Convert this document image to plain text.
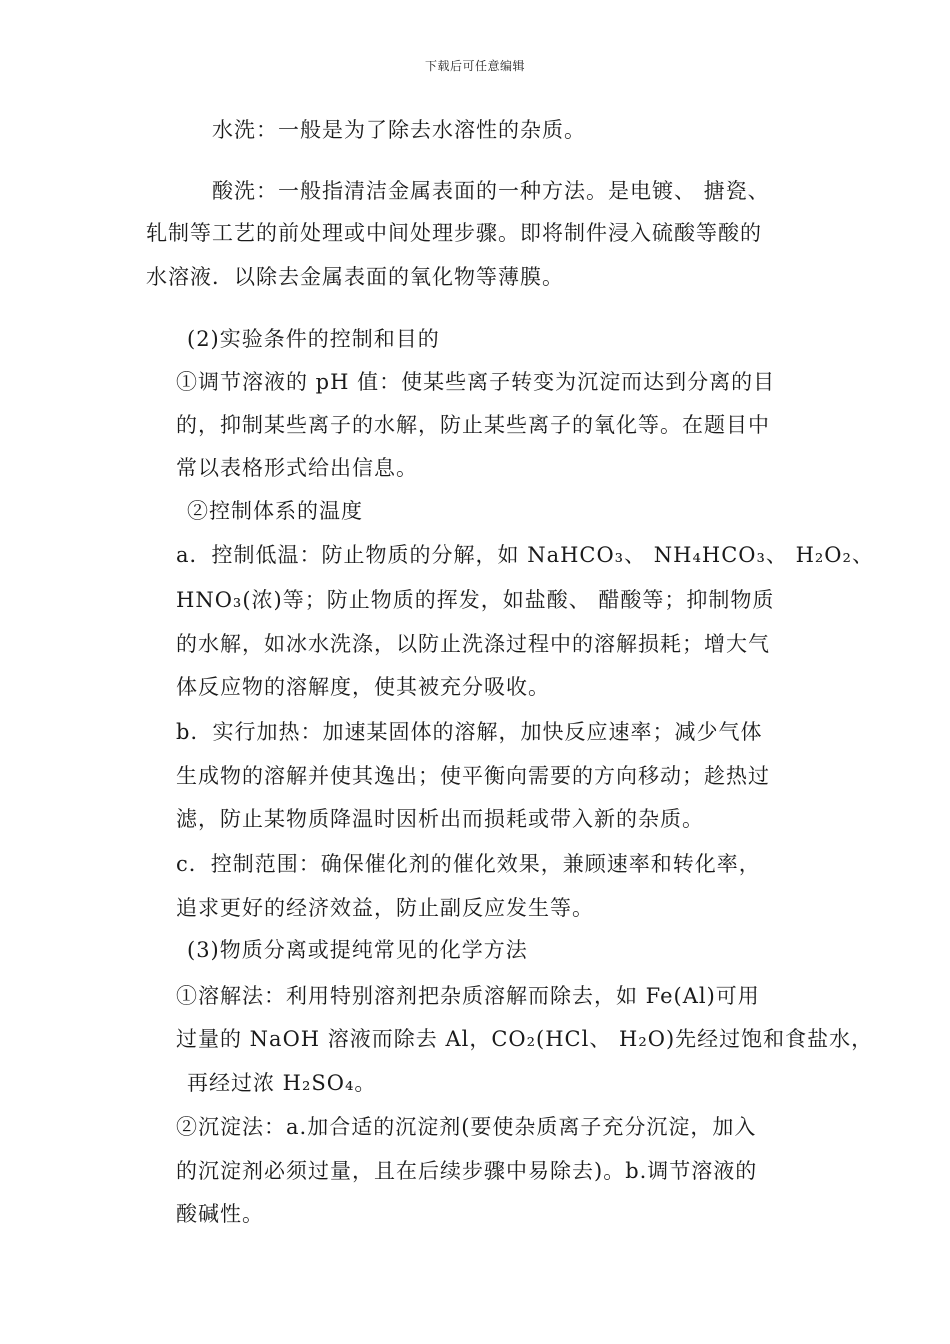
下载后可任意编辑
水洗：一般是为了除去水溶性的杂质。
酸洗：一般指清洁金属表面的一种方法。是电镀、 搪瓷、
轧制等工艺的前处理或中间处理步骤。即将制件浸入硫酸等酸的
水溶液．以除去金属表面的氧化物等薄膜。
(2)实验条件的控制和目的
①调节溶液的 pH 值：使某些离子转变为沉淀而达到分离的目
的，抑制某些离子的水解，防止某些离子的氧化等。在题目中
常以表格形式给出信息。
②控制体系的温度
a．控制低温：防止物质的分解，如 NaHCO₃、 NH₄HCO₃、 H₂O₂、
HNO₃(浓)等；防止物质的挥发，如盐酸、 醋酸等；抑制物质
的水解，如冰水洗涤，以防止洗涤过程中的溶解损耗；增大气
体反应物的溶解度，使其被充分吸收。
b．实行加热：加速某固体的溶解，加快反应速率；减少气体
生成物的溶解并使其逸出；使平衡向需要的方向移动；趁热过
滤，防止某物质降温时因析出而损耗或带入新的杂质。
c．控制范围：确保催化剂的催化效果，兼顾速率和转化率，
追求更好的经济效益，防止副反应发生等。
(3)物质分离或提纯常见的化学方法
①溶解法：利用特别溶剂把杂质溶解而除去，如 Fe(Al)可用
过量的 NaOH 溶液而除去 Al，CO₂(HCl、 H₂O)先经过饱和食盐水，
再经过浓 H₂SO₄。
②沉淀法：a.加合适的沉淀剂(要使杂质离子充分沉淀，加入
的沉淀剂必须过量，且在后续步骤中易除去)。b.调节溶液的
酸碱性。
